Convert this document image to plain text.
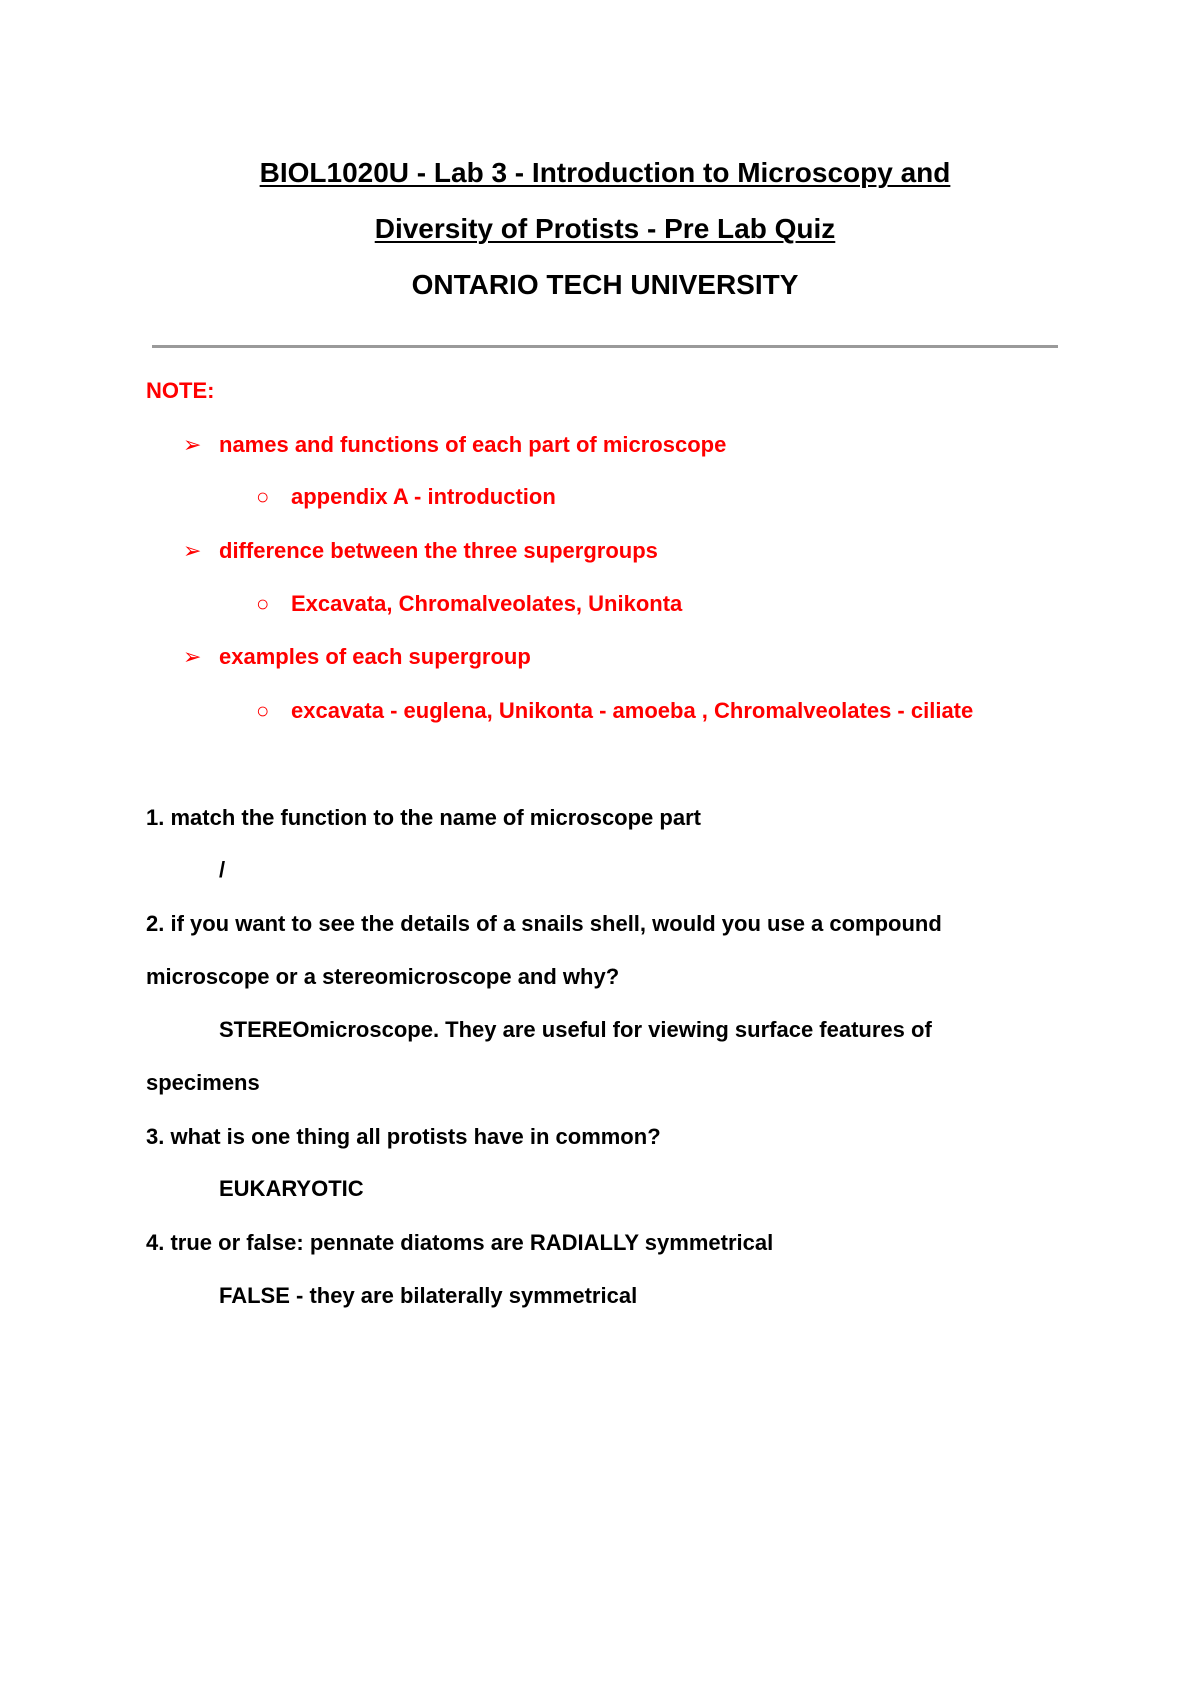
BIOL1020U - Lab 3 - Introduction to Microscopy and
Diversity of Protists - Pre Lab Quiz
ONTARIO TECH UNIVERSITY
NOTE:
➢ names and functions of each part of microscope
○ appendix A - introduction
➢ difference between the three supergroups
○ Excavata, Chromalveolates, Unikonta
➢ examples of each supergroup
○ excavata - euglena, Unikonta - amoeba , Chromalveolates - ciliate
1. match the function to the name of microscope part
/
2. if you want to see the details of a snails shell, would you use a compound
microscope or a stereomicroscope and why?
STEREOmicroscope. They are useful for viewing surface features of
specimens
3. what is one thing all protists have in common?
EUKARYOTIC
4. true or false: pennate diatoms are RADIALLY symmetrical
FALSE - they are bilaterally symmetrical
